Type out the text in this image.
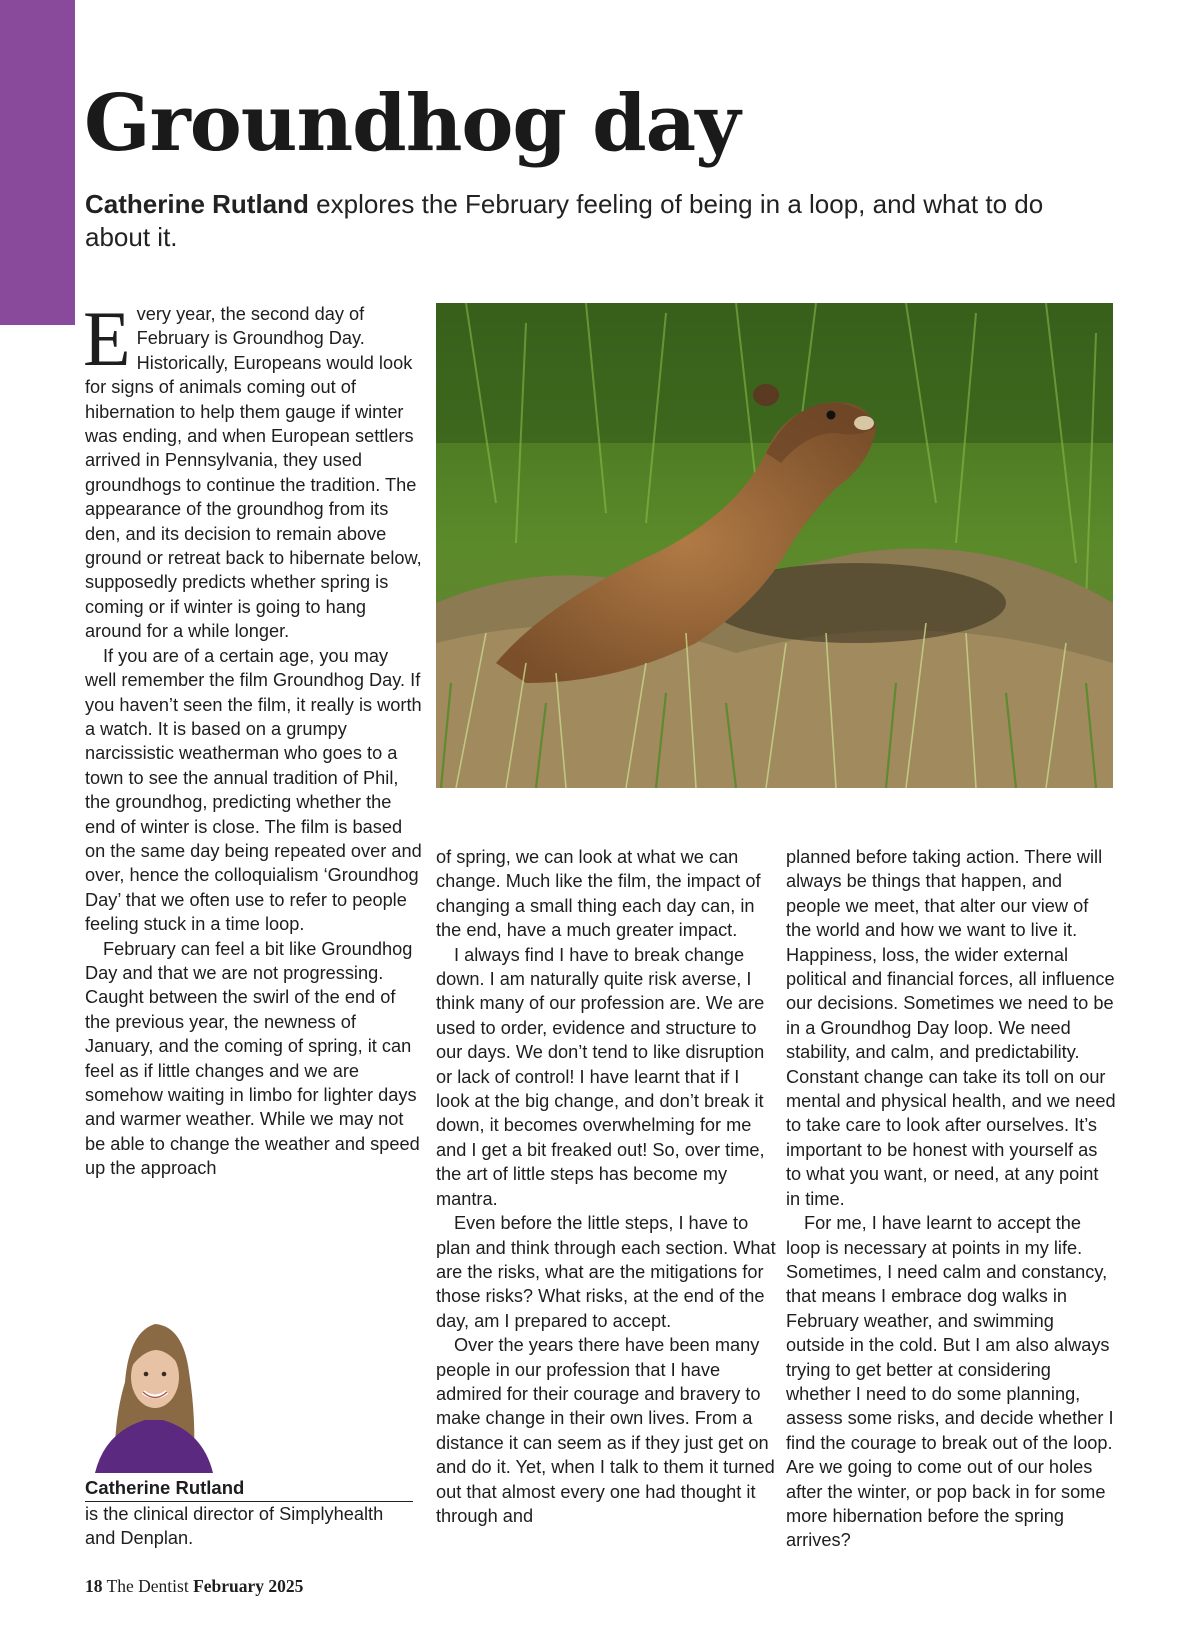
Groundhog day

Catherine Rutland explores the February feeling of being in a loop, and what to do about it.

Every year, the second day of February is Groundhog Day. Historically, Europeans would look for signs of animals coming out of hibernation to help them gauge if winter was ending, and when European settlers arrived in Pennsylvania, they used groundhogs to continue the tradition. The appearance of the groundhog from its den, and its decision to remain above ground or retreat back to hibernate below, supposedly predicts whether spring is coming or if winter is going to hang around for a while longer.

If you are of a certain age, you may well remember the film Groundhog Day. If you haven’t seen the film, it really is worth a watch. It is based on a grumpy narcissistic weatherman who goes to a town to see the annual tradition of Phil, the groundhog, predicting whether the end of winter is close. The film is based on the same day being repeated over and over, hence the colloquialism ‘Groundhog Day’ that we often use to refer to people feeling stuck in a time loop.

February can feel a bit like Groundhog Day and that we are not progressing. Caught between the swirl of the end of the previous year, the newness of January, and the coming of spring, it can feel as if little changes and we are somehow waiting in limbo for lighter days and warmer weather. While we may not be able to change the weather and speed up the approach

of spring, we can look at what we can change. Much like the film, the impact of changing a small thing each day can, in the end, have a much greater impact.

I always find I have to break change down. I am naturally quite risk averse, I think many of our profession are. We are used to order, evidence and structure to our days. We don’t tend to like disruption or lack of control! I have learnt that if I look at the big change, and don’t break it down, it becomes overwhelming for me and I get a bit freaked out! So, over time, the art of little steps has become my mantra.

Even before the little steps, I have to plan and think through each section. What are the risks, what are the mitigations for those risks? What risks, at the end of the day, am I prepared to accept.

Over the years there have been many people in our profession that I have admired for their courage and bravery to make change in their own lives. From a distance it can seem as if they just get on and do it. Yet, when I talk to them it turned out that almost every one had thought it through and

planned before taking action. There will always be things that happen, and people we meet, that alter our view of the world and how we want to live it. Happiness, loss, the wider external political and financial forces, all influence our decisions. Sometimes we need to be in a Groundhog Day loop. We need stability, and calm, and predictability. Constant change can take its toll on our mental and physical health, and we need to take care to look after ourselves. It’s important to be honest with yourself as to what you want, or need, at any point in time.

For me, I have learnt to accept the loop is necessary at points in my life. Sometimes, I need calm and constancy, that means I embrace dog walks in February weather, and swimming outside in the cold. But I am also always trying to get better at considering whether I need to do some planning, assess some risks, and decide whether I find the courage to break out of the loop. Are we going to come out of our holes after the winter, or pop back in for some more hibernation before the spring arrives?

Catherine Rutland
is the clinical director of Simplyhealth and Denplan.
18 The Dentist February 2025
